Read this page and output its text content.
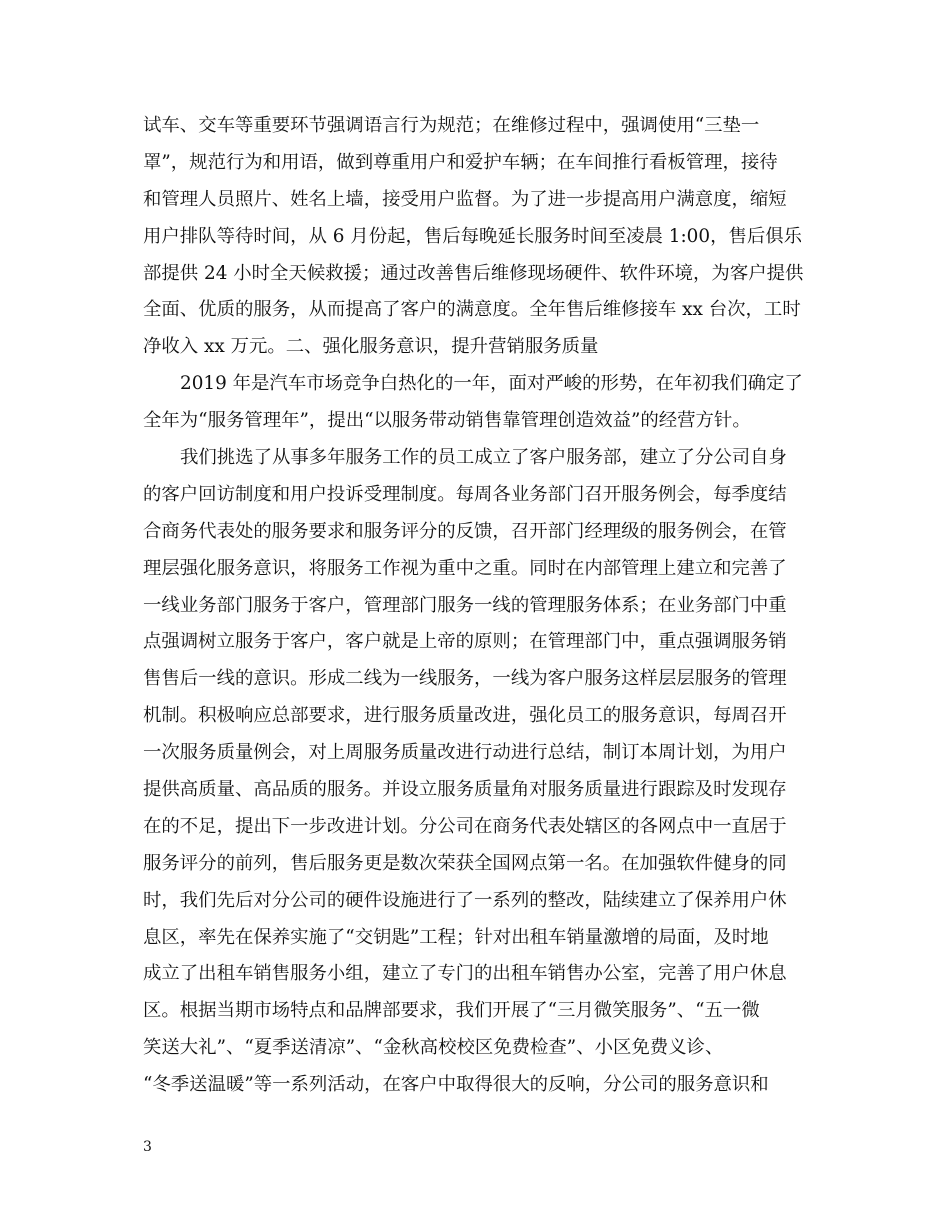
试车、交车等重要环节强调语言行为规范；在维修过程中，强调使用“三垫一
罩”，规范行为和用语，做到尊重用户和爱护车辆；在车间推行看板管理，接待
和管理人员照片、姓名上墙，接受用户监督。为了进一步提高用户满意度，缩短
用户排队等待时间，从 6 月份起，售后每晚延长服务时间至凌晨 1:00，售后俱乐
部提供 24 小时全天候救援；通过改善售后维修现场硬件、软件环境，为客户提供
全面、优质的服务，从而提高了客户的满意度。全年售后维修接车 xx 台次，工时
净收入 xx 万元。二、强化服务意识，提升营销服务质量
2019 年是汽车市场竞争白热化的一年，面对严峻的形势，在年初我们确定了
全年为“服务管理年”，提出“以服务带动销售靠管理创造效益”的经营方针。
我们挑选了从事多年服务工作的员工成立了客户服务部，建立了分公司自身
的客户回访制度和用户投诉受理制度。每周各业务部门召开服务例会，每季度结
合商务代表处的服务要求和服务评分的反馈，召开部门经理级的服务例会，在管
理层强化服务意识，将服务工作视为重中之重。同时在内部管理上建立和完善了
一线业务部门服务于客户，管理部门服务一线的管理服务体系；在业务部门中重
点强调树立服务于客户，客户就是上帝的原则；在管理部门中，重点强调服务销
售售后一线的意识。形成二线为一线服务，一线为客户服务这样层层服务的管理
机制。积极响应总部要求，进行服务质量改进，强化员工的服务意识，每周召开
一次服务质量例会，对上周服务质量改进行动进行总结，制订本周计划，为用户
提供高质量、高品质的服务。并设立服务质量角对服务质量进行跟踪及时发现存
在的不足，提出下一步改进计划。分公司在商务代表处辖区的各网点中一直居于
服务评分的前列，售后服务更是数次荣获全国网点第一名。在加强软件健身的同
时，我们先后对分公司的硬件设施进行了一系列的整改，陆续建立了保养用户休
息区，率先在保养实施了“交钥匙”工程；针对出租车销量激增的局面，及时地
成立了出租车销售服务小组，建立了专门的出租车销售办公室，完善了用户休息
区。根据当期市场特点和品牌部要求，我们开展了“三月微笑服务”、“五一微
笑送大礼”、“夏季送清凉”、“金秋高校校区免费检查”、小区免费义诊、
“冬季送温暖”等一系列活动，在客户中取得很大的反响，分公司的服务意识和
3
